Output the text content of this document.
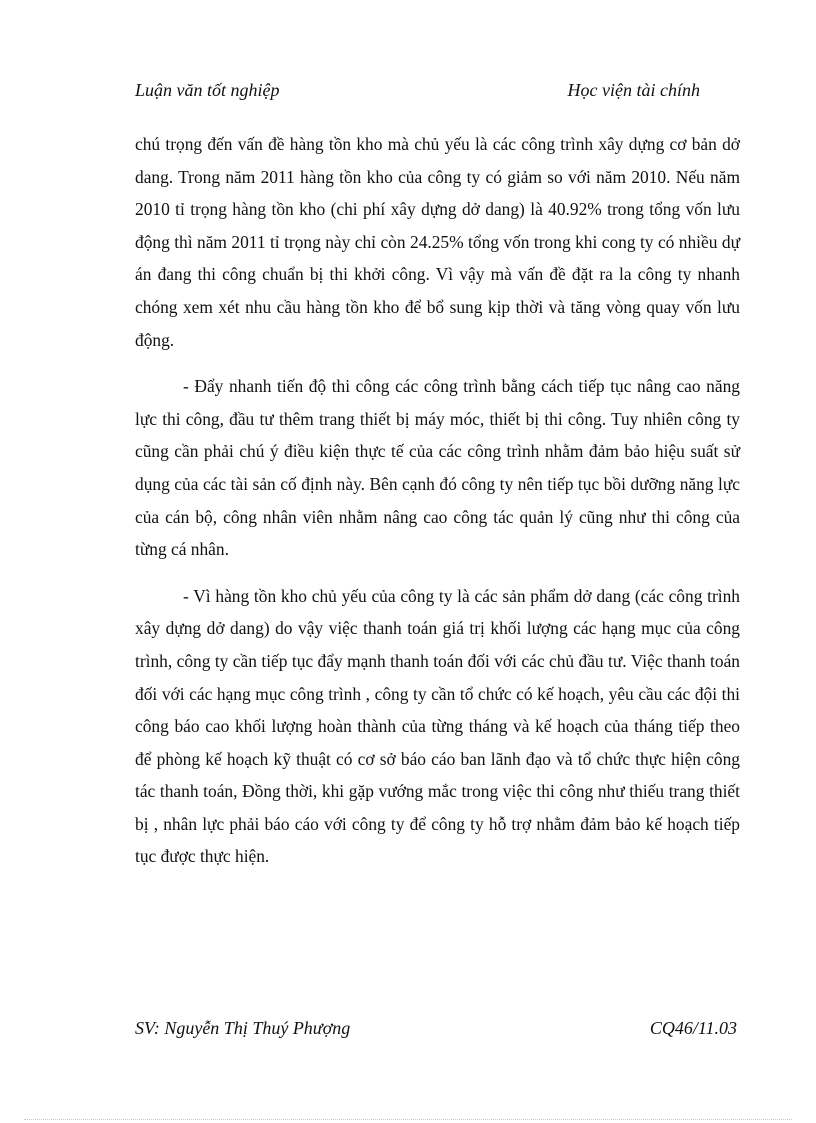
Luận văn tốt nghiệp	Học viện tài chính

chú trọng đến vấn đề hàng tồn kho mà chủ yếu là các công trình xây dựng cơ bản dở dang. Trong năm 2011 hàng tồn kho của công ty có giảm so với năm 2010. Nếu năm 2010 tỉ trọng hàng tồn kho (chi phí xây dựng dở dang) là 40.92% trong tổng vốn lưu động thì năm 2011 tỉ trọng này chỉ còn 24.25% tổng vốn trong khi cong ty có nhiều dự án đang thi công chuẩn bị thi khởi công. Vì vậy mà vấn đề đặt ra la công ty nhanh chóng xem xét nhu cầu hàng tồn kho để bổ sung kịp thời và tăng vòng quay vốn lưu động.

- Đẩy nhanh tiến độ thi công các công trình bằng cách tiếp tục nâng cao năng lực thi công, đầu tư thêm trang thiết bị máy móc, thiết bị thi công. Tuy nhiên công ty cũng cần phải chú ý điều kiện thực tế của các công trình nhằm đảm bảo hiệu suất sử dụng của các tài sản cố định này. Bên cạnh đó công ty nên tiếp tục bồi dưỡng năng lực của cán bộ, công nhân viên nhằm nâng cao công tác quản lý cũng như thi công của từng cá nhân.

- Vì hàng tồn kho chủ yếu của công ty là các sản phẩm dở dang (các công trình xây dựng dở dang) do vậy việc thanh toán giá trị khối lượng các hạng mục của công trình, công ty cần tiếp tục đẩy mạnh thanh toán đối với các chủ đầu tư. Việc thanh toán đối với các hạng mục công trình , công ty cần tổ chức có kế hoạch, yêu cầu các đội thi công báo cao khối lượng hoàn thành của từng tháng và kế hoạch của tháng tiếp theo để phòng kế hoạch kỹ thuật có cơ sở báo cáo ban lãnh đạo và tổ chức thực hiện công tác thanh toán, Đồng thời, khi gặp vướng mắc trong việc thi công như thiếu trang thiết bị , nhân lực phải báo cáo với công ty để công ty hỗ trợ nhằm đảm bảo kế hoạch tiếp tục được thực hiện.

SV: Nguyễn Thị Thuý Phượng	CQ46/11.03
